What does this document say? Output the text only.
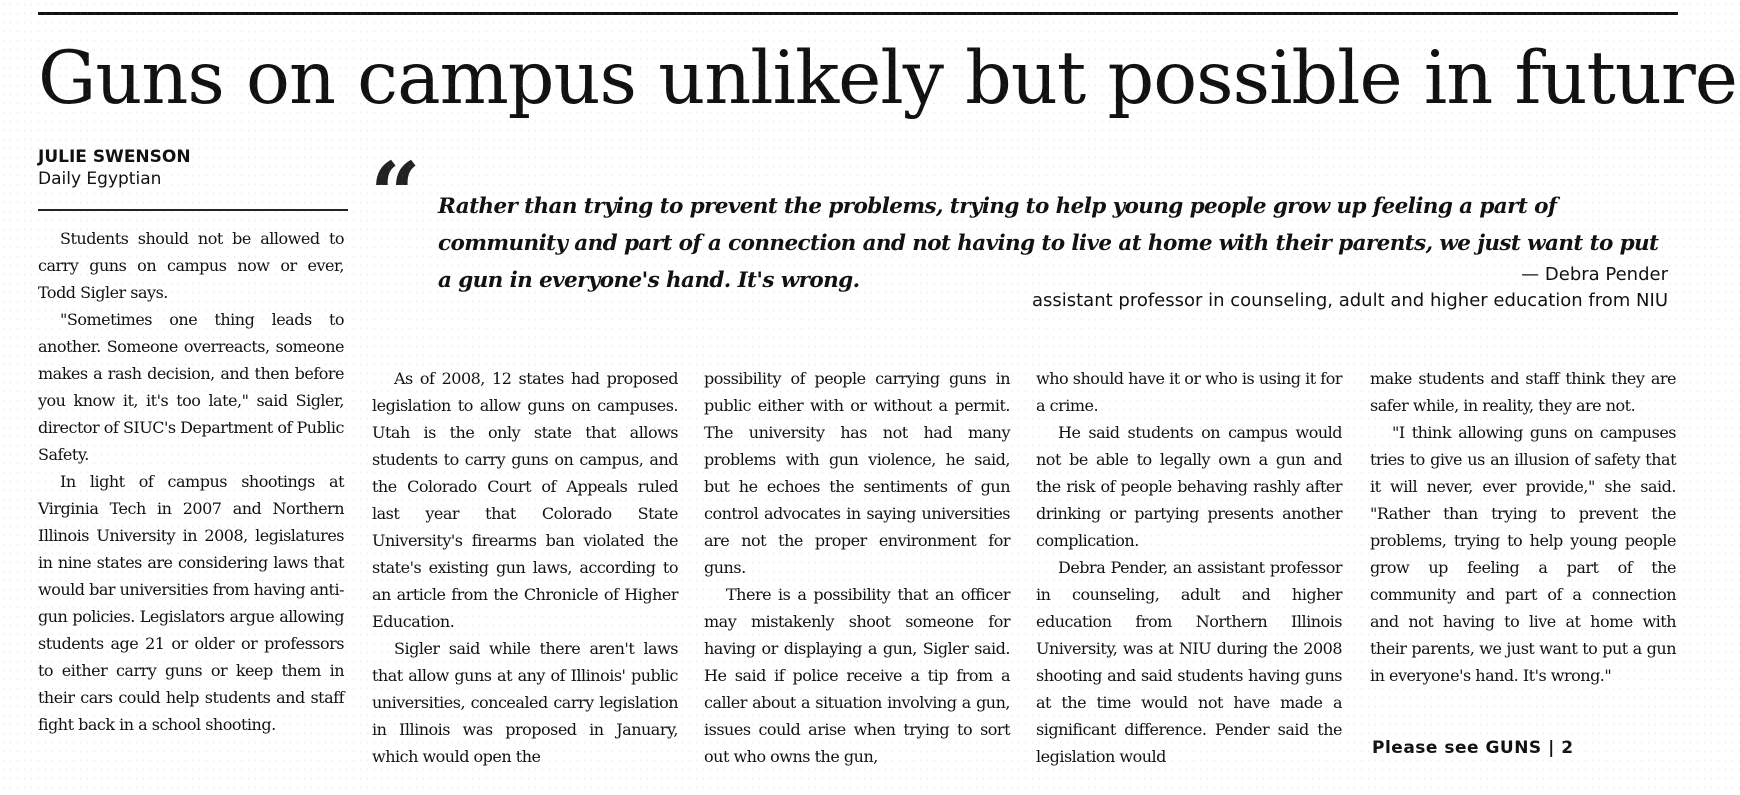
Guns on campus unlikely but possible in future
JULIE SWENSON
Daily Egyptian	“ Rather than trying to prevent the problems, trying to help young people grow up feeling a part of community and part of a connection and not having to live at home with their parents, we just want to put a gun in everyone's hand. It's wrong.	— Debra Pender
assistant professor in counseling, adult and higher education from NIU

Students should not be allowed to carry guns on campus now or ever, Todd Sigler says.

"Sometimes one thing leads to another. Someone overreacts, someone makes a rash decision, and then before you know it, it's too late," said Sigler, director of SIUC's Department of Public Safety.

In light of campus shootings at Virginia Tech in 2007 and Northern Illinois University in 2008, legislatures in nine states are considering laws that would bar universities from having anti-gun policies. Legislators argue allowing students age 21 or older or professors to either carry guns or keep them in their cars could help students and staff fight back in a school shooting.

As of 2008, 12 states had proposed legislation to allow guns on campuses. Utah is the only state that allows students to carry guns on campus, and the Colorado Court of Appeals ruled last year that Colorado State University's firearms ban violated the state's existing gun laws, according to an article from the Chronicle of Higher Education.

Sigler said while there aren't laws that allow guns at any of Illinois' public universities, concealed carry legislation in Illinois was proposed in January, which would open the

possibility of people carrying guns in public either with or without a permit. The university has not had many problems with gun violence, he said, but he echoes the sentiments of gun control advocates in saying universities are not the proper environment for guns.

There is a possibility that an officer may mistakenly shoot someone for having or displaying a gun, Sigler said. He said if police receive a tip from a caller about a situation involving a gun, issues could arise when trying to sort out who owns the gun,

who should have it or who is using it for a crime.

He said students on campus would not be able to legally own a gun and the risk of people behaving rashly after drinking or partying presents another complication.

Debra Pender, an assistant professor in counseling, adult and higher education from Northern Illinois University, was at NIU during the 2008 shooting and said students having guns at the time would not have made a significant difference. Pender said the legislation would

make students and staff think they are safer while, in reality, they are not.

"I think allowing guns on campuses tries to give us an illusion of safety that it will never, ever provide," she said. "Rather than trying to prevent the problems, trying to help young people grow up feeling a part of the community and part of a connection and not having to live at home with their parents, we just want to put a gun in everyone's hand. It's wrong."

Please see GUNS | 2
